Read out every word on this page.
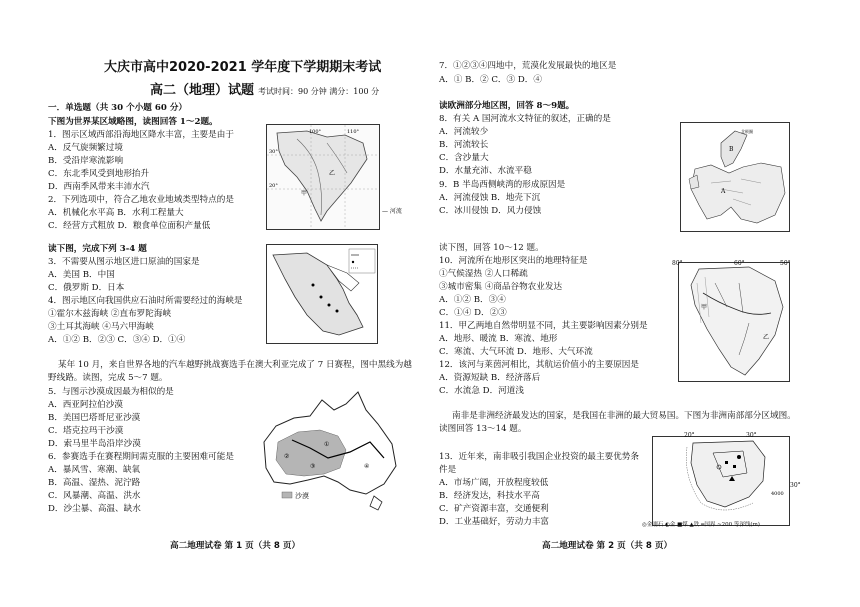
大庆市高中2020-2021 学年度下学期期末考试
高二（地理）试题 考试时间：90 分钟 满分：100 分
一．单选题（共 30 个小题 60 分）
下图为世界某区域略图，读图回答 1～2题。
1．图示区域西部沿海地区降水丰富，主要是由于
A．反气旋频繁过境
B．受沿岸寒流影响
C．东北季风受到地形抬升
D．西南季风带来丰沛水汽
2．下列选项中，符合乙地农业地域类型特点的是
A．机械化水平高 B．水利工程量大
C．经营方式粗放 D．粮食单位面积产量低
100°	110°
30°
20°
乙
甲
— 河流
读下图，完成下列 3-4 题
3．不需要从图示地区进口原油的国家是
A．美国 B．中国
C．俄罗斯 D．日本
4．图示地区向我国供应石油时所需要经过的海峡是
①霍尔木兹海峡 ②直布罗陀海峡
③土耳其海峡 ④马六甲海峡
A．①② B．②③ C．③④ D．①④
某年 10 月，来自世界各地的汽车越野挑战赛选手在澳大利亚完成了 7 日赛程，图中黑线为越
野线路。读图，完成 5～7 题。
5．与图示沙漠成因最为相似的是
A．西亚阿拉伯沙漠
B．美国巴塔哥尼亚沙漠
C．塔克拉玛干沙漠
D．索马里半岛沿岸沙漠
6．参赛选手在赛程期间需克服的主要困难可能是
A．暴风雪、寒潮、缺氧
B．高温、湿热、泥泞路
C．风暴潮、高温、洪水
D．沙尘暴、高温、缺水
②
①
③	④
沙漠
高二地理试卷 第 1 页（共 8 页）
7．①②③④四地中，荒漠化发展最快的地区是
A．① B．② C．③ D．④
读欧洲部分地区图，回答 8～9题。
8．有关 A 国河流水文特征的叙述，正确的是
A．河流较少
B．河流较长
C．含沙量大
D．水量充沛、水流平稳
9．B 半岛西侧峡湾的形成原因是
A．河流侵蚀 B．地壳下沉
C．冰川侵蚀 D．风力侵蚀
B
A
北极圈
读下图，回答 10～12 题。
10．河流所在地形区突出的地理特征是
①气候湿热 ②人口稀疏
③城市密集 ④商品谷物农业发达
A．①② B．③④
C．①④ D．②③
11．甲乙两地自然带明显不同，其主要影响因素分别是
A．地形、暖流 B．寒流、地形
C．寒流、大气环流 D．地形、大气环流
12．该河与莱茵河相比，其航运价值小的主要原因是
A．资源短缺 B．经济落后
C．水流急 D．河道浅
甲
乙
80°	60°	50°
南非是非洲经济最发达的国家，是我国在非洲的最大贸易国。下图为非洲南部部分区域图。
读图回答 13～14 题。
13．近年来，南非吸引我国企业投资的最主要优势条
件是
A．市场广阔，开放程度较低
B．经济发达，科技水平高
C．矿产资源丰富，交通便利
D．工业基础好，劳动力丰富
4000
20°	30°
30°
◎金刚石 ◐金 ■煤 ▲铁 ━国界 ~200 等深线(m)
高二地理试卷 第 2 页（共 8 页）
